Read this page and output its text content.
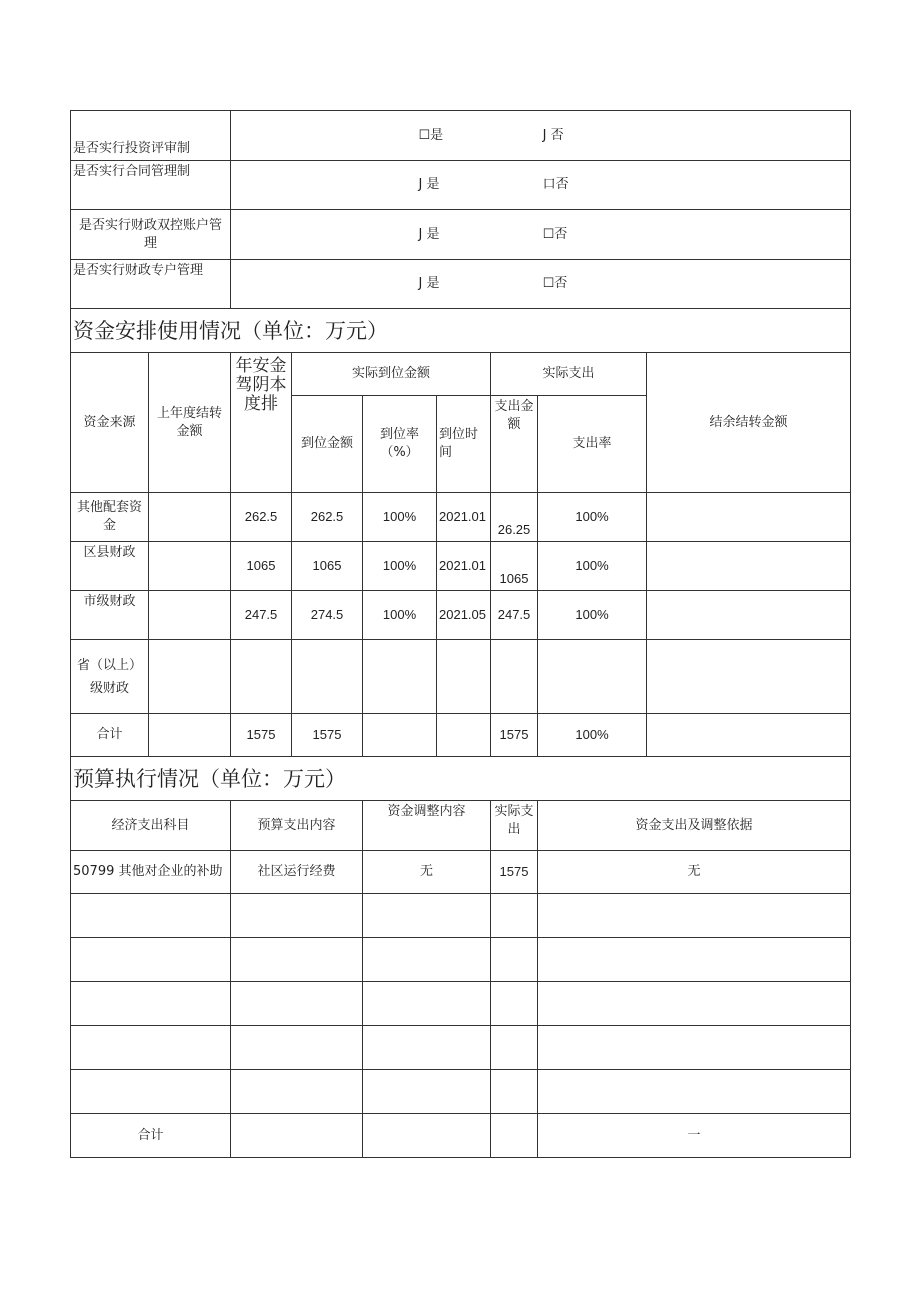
是否实行投资评审制		☐是 J 否						
是否实行合同管理制		J 是 口否						
是否实行财政双控账户管理		J 是 ☐否						
是否实行财政专户管理		J 是 ☐否						
资金安排使用情况（单位：万元）								
资金来源	上年度结转金额	年安金驾阴本度排	实际到位金额			实际支出		结余结转金额
			到位金额	到位率（%）	到位时间	支出金额	支出率	
其他配套资金		262.5	262.5	100%	2021.01	26.25	100%	
区县财政		1065	1065	100%	2021.01	1065	100%	
市级财政		247.5	274.5	100%	2021.05	247.5	100%	
省（以上）级财政								
合计		1575	1575			1575	100%	
预算执行情况（单位：万元）								
经济支出科目		预算支出内容		资金调整内容		实际支出	资金支出及调整依据	
50799 其他对企业的补助		社区运行经费		无		1575	无	

合计							一	
